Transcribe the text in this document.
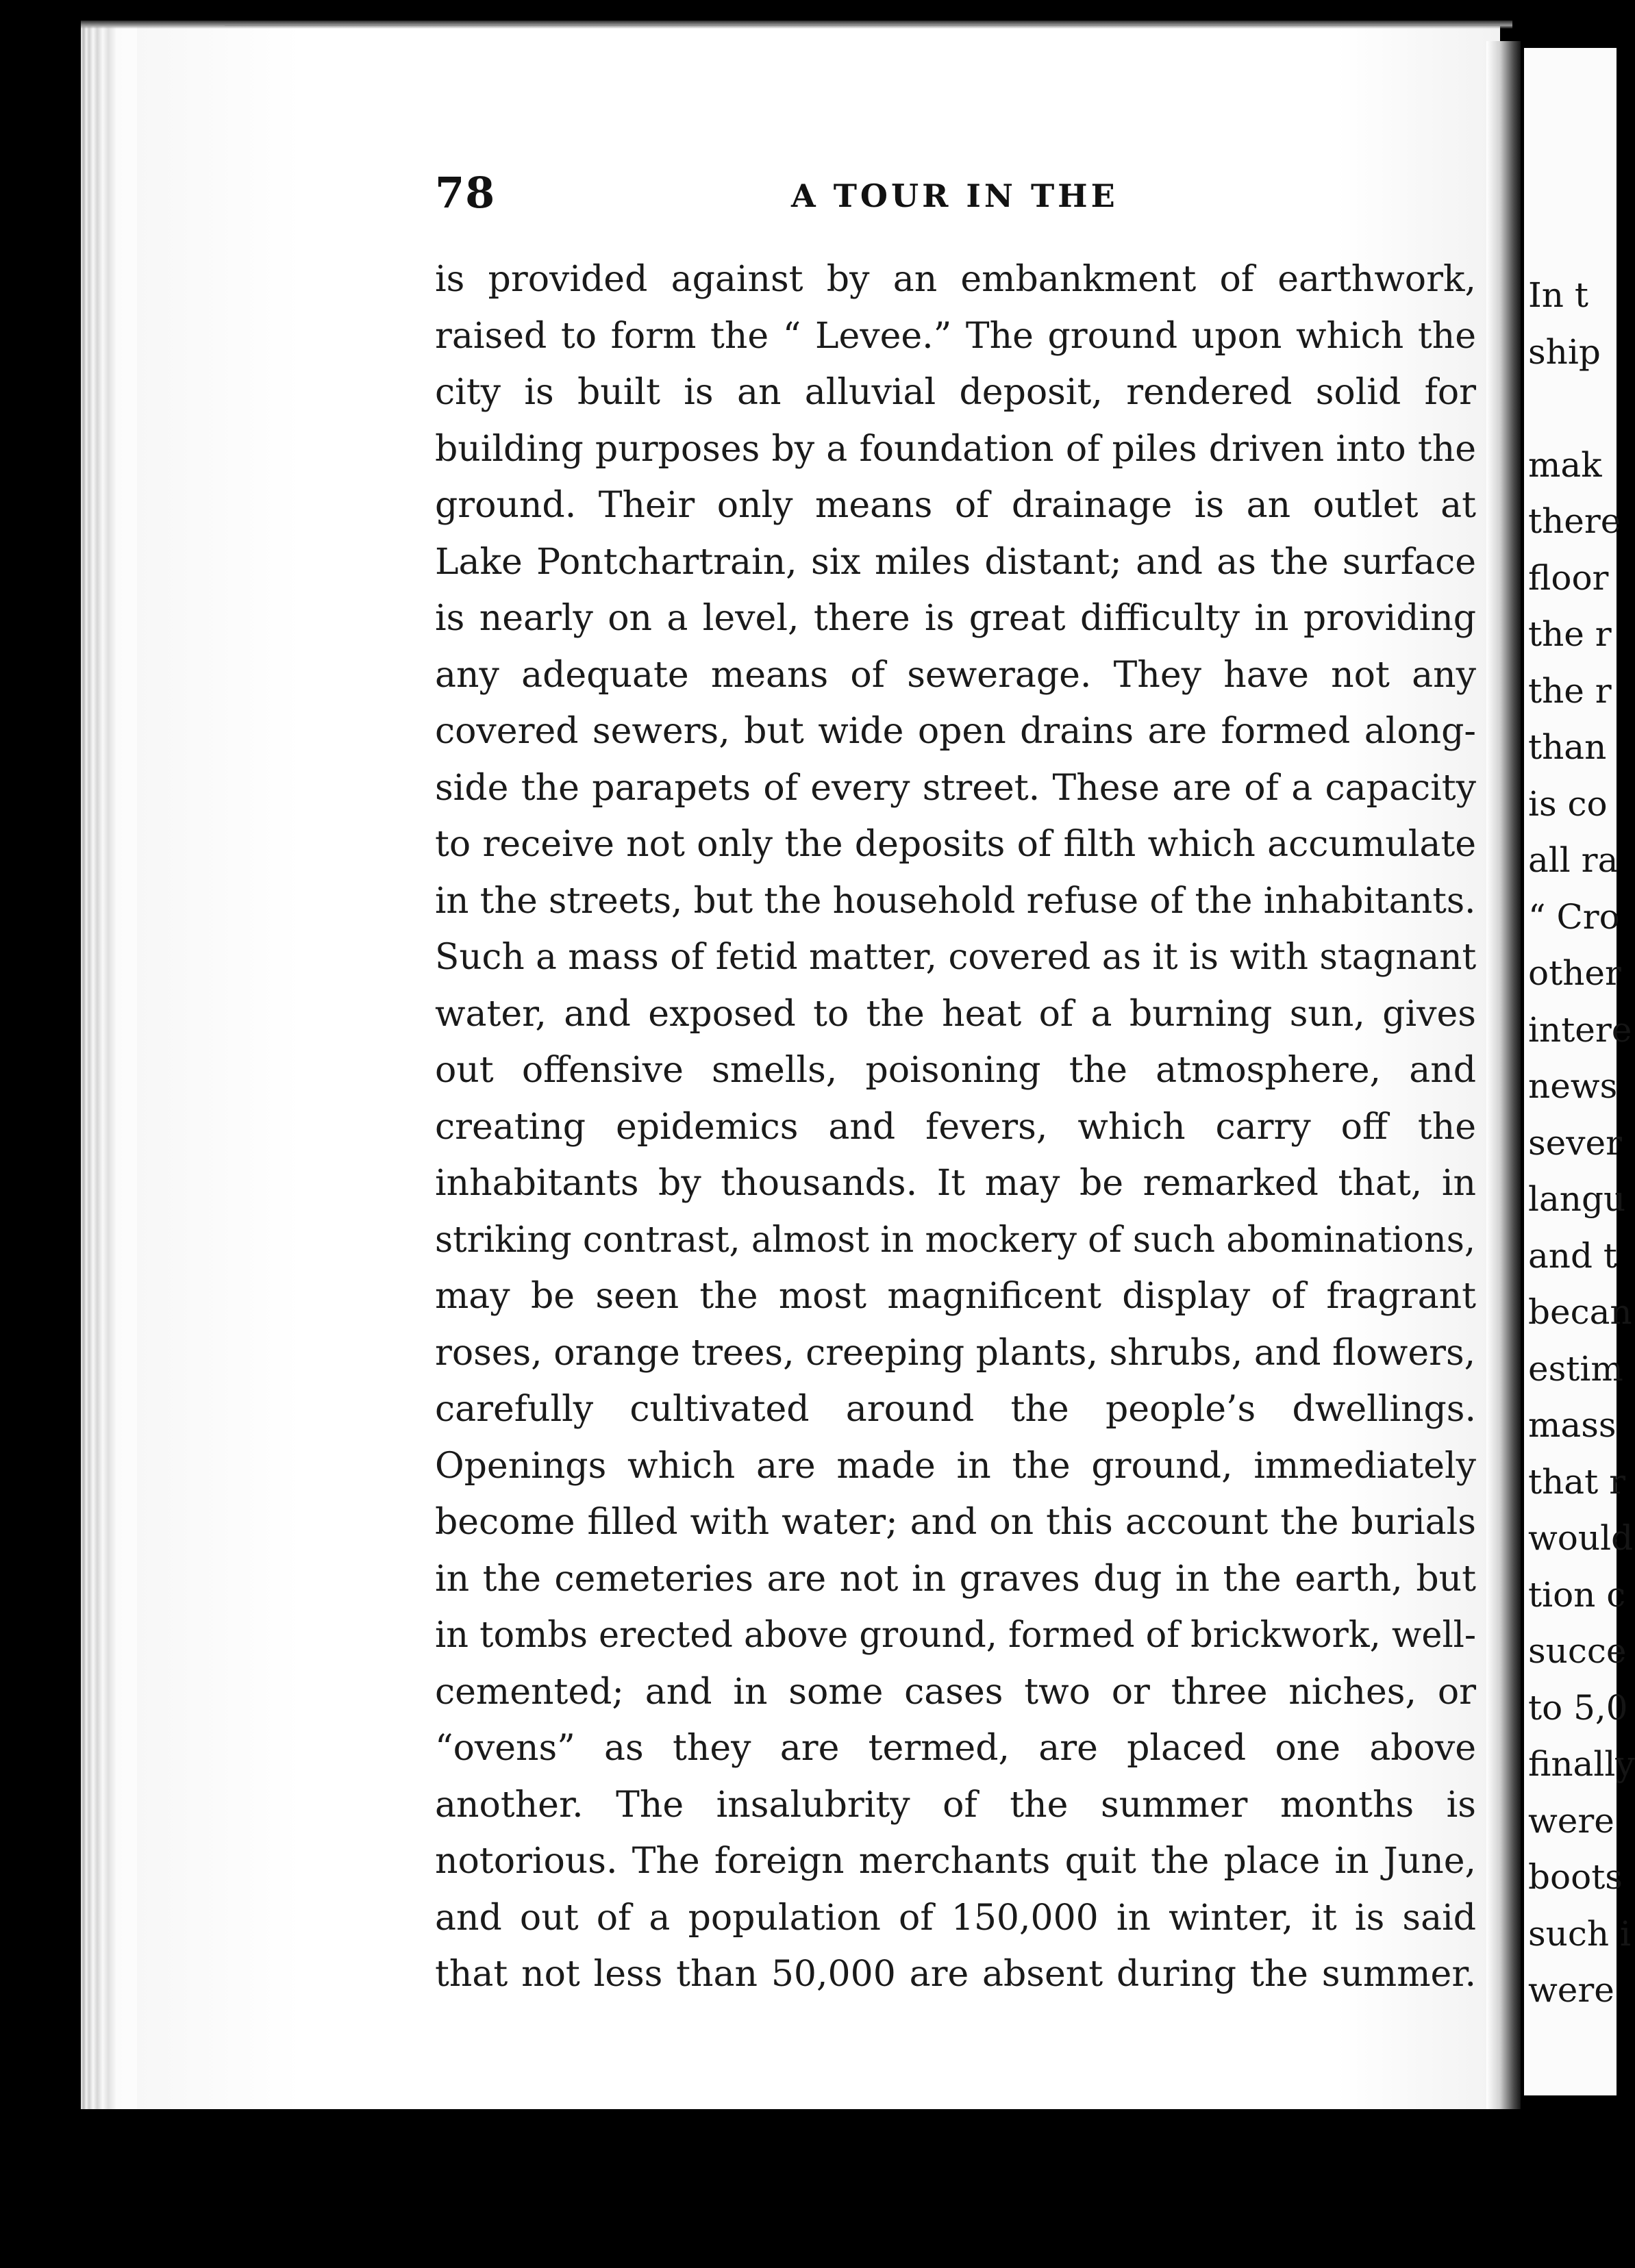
In t
ship
mak
there
floor
the r
the r
than
is co
all ra
“ Cro
other
intere
news
sever
langu
and t
becan
estim
mass
that r
would
tion c
succe
to 5,0
finally
were
boots
such i
were
78	A TOUR IN THE
is provided against by an embankment of earthwork,
raised to form the “ Levee.” The ground upon which the
city is built is an alluvial deposit, rendered solid for
building purposes by a foundation of piles driven into the
ground. Their only means of drainage is an outlet at
Lake Pontchartrain, six miles distant; and as the surface
is nearly on a level, there is great difficulty in providing
any adequate means of sewerage. They have not any
covered sewers, but wide open drains are formed along-
side the parapets of every street. These are of a capacity
to receive not only the deposits of filth which accumulate
in the streets, but the household refuse of the inhabitants.
Such a mass of fetid matter, covered as it is with stagnant
water, and exposed to the heat of a burning sun, gives
out offensive smells, poisoning the atmosphere, and
creating epidemics and fevers, which carry off the
inhabitants by thousands. It may be remarked that, in
striking contrast, almost in mockery of such abominations,
may be seen the most magnificent display of fragrant
roses, orange trees, creeping plants, shrubs, and flowers,
carefully cultivated around the people’s dwellings.
Openings which are made in the ground, immediately
become filled with water; and on this account the burials
in the cemeteries are not in graves dug in the earth, but
in tombs erected above ground, formed of brickwork, well-
cemented; and in some cases two or three niches, or
“ovens” as they are termed, are placed one above
another. The insalubrity of the summer months is
notorious. The foreign merchants quit the place in June,
and out of a population of 150,000 in winter, it is said
that not less than 50,000 are absent during the summer.
